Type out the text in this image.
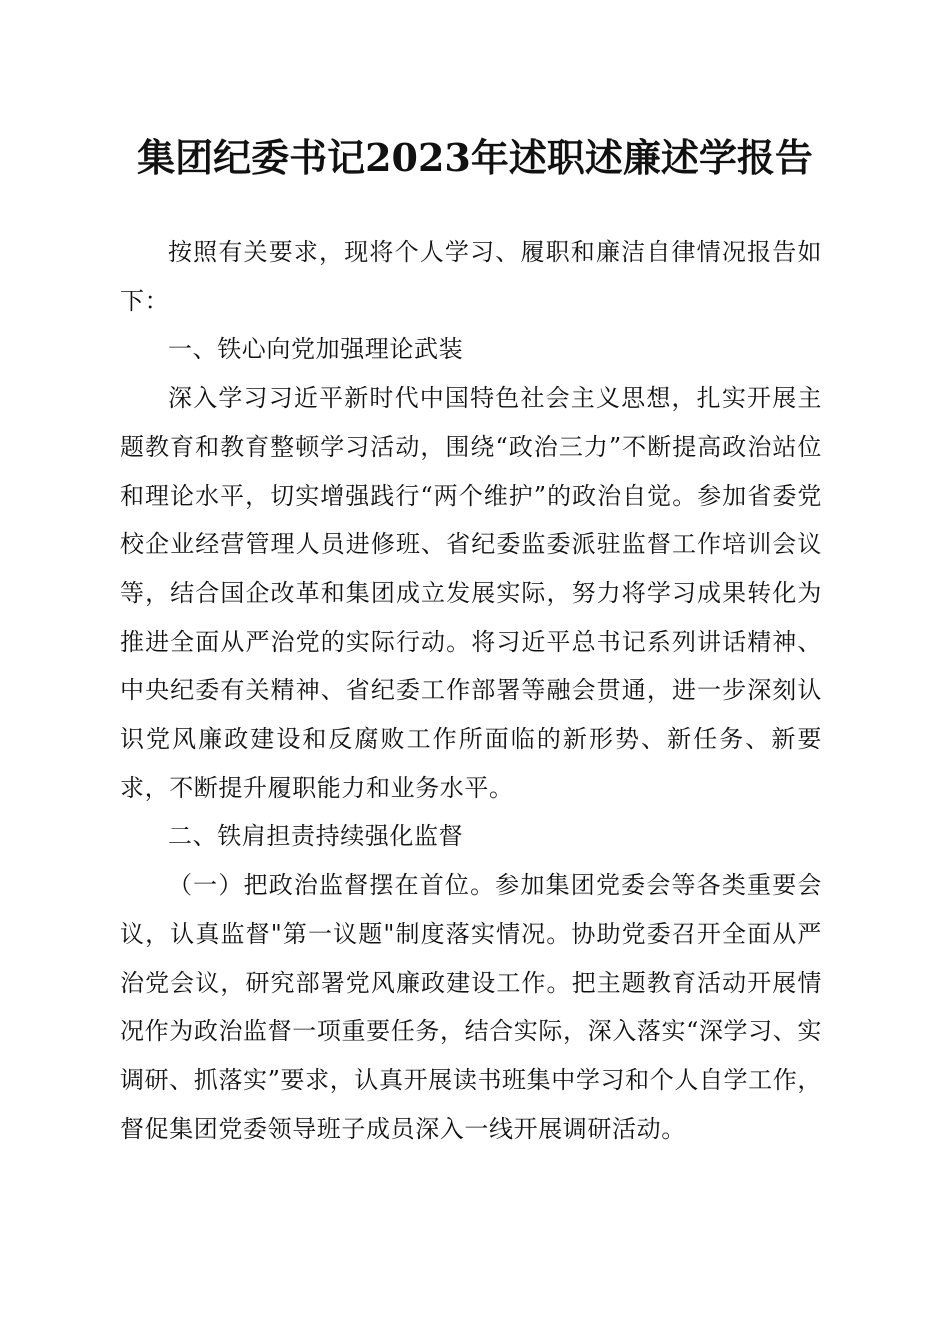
集团纪委书记2023年述职述廉述学报告

按照有关要求，现将个人学习、履职和廉洁自律情况报告如下：

一、铁心向党加强理论武装

深入学习习近平新时代中国特色社会主义思想，扎实开展主题教育和教育整顿学习活动，围绕“政治三力”不断提高政治站位和理论水平，切实增强践行“两个维护”的政治自觉。参加省委党校企业经营管理人员进修班、省纪委监委派驻监督工作培训会议等，结合国企改革和集团成立发展实际，努力将学习成果转化为推进全面从严治党的实际行动。将习近平总书记系列讲话精神、中央纪委有关精神、省纪委工作部署等融会贯通，进一步深刻认识党风廉政建设和反腐败工作所面临的新形势、新任务、新要求，不断提升履职能力和业务水平。

二、铁肩担责持续强化监督

（一）把政治监督摆在首位。参加集团党委会等各类重要会议，认真监督"第一议题"制度落实情况。协助党委召开全面从严治党会议，研究部署党风廉政建设工作。把主题教育活动开展情况作为政治监督一项重要任务，结合实际，深入落实“深学习、实调研、抓落实”要求，认真开展读书班集中学习和个人自学工作，督促集团党委领导班子成员深入一线开展调研活动。
